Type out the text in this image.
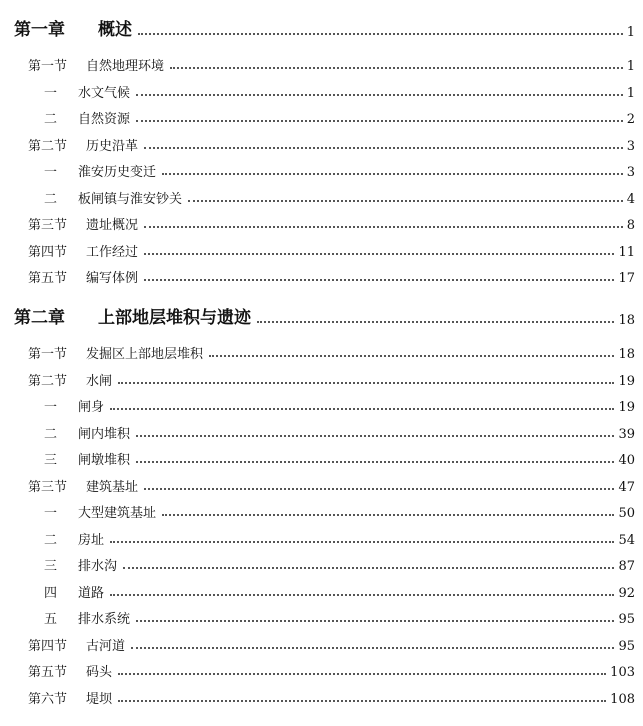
第一章 概述	1
第一节 自然地理环境	1
一 水文气候	1
二 自然资源	2
第二节 历史沿革	3
一 淮安历史变迁	3
二 板闸镇与淮安钞关	4
第三节 遗址概况	8
第四节 工作经过	11
第五节 编写体例	17
第二章 上部地层堆积与遗迹	18
第一节 发掘区上部地层堆积	18
第二节 水闸	19
一 闸身	19
二 闸内堆积	39
三 闸墩堆积	40
第三节 建筑基址	47
一 大型建筑基址	50
二 房址	54
三 排水沟	87
四 道路	92
五 排水系统	95
第四节 古河道	95
第五节 码头	103
第六节 堤坝	108
